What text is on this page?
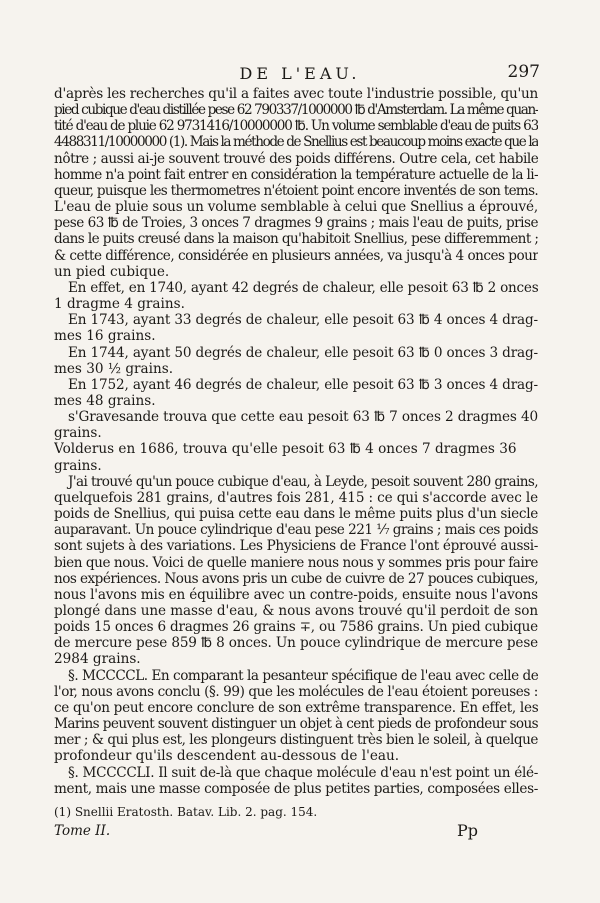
DE L'EAU.	297
d'après les recherches qu'il a faites avec toute l'industrie possible, qu'un
pied cubique d'eau distillée pese 62 790337/1000000 ℔ d'Amsterdam. La même quan-
tité d'eau de pluie 62 9731416/10000000 ℔. Un volume semblable d'eau de puits 63
4488311/10000000 (1). Mais la méthode de Snellius est beaucoup moins exacte que la
nôtre ; aussi ai-je souvent trouvé des poids différens. Outre cela, cet habile
homme n'a point fait entrer en considération la température actuelle de la li-
queur, puisque les thermometres n'étoient point encore inventés de son tems.
L'eau de pluie sous un volume semblable à celui que Snellius a éprouvé,
pese 63 ℔ de Troies, 3 onces 7 dragmes 9 grains ; mais l'eau de puits, prise
dans le puits creusé dans la maison qu'habitoit Snellius, pese differemment ;
& cette différence, considérée en plusieurs années, va jusqu'à 4 onces pour
un pied cubique.
En effet, en 1740, ayant 42 degrés de chaleur, elle pesoit 63 ℔ 2 onces
1 dragme 4 grains.
En 1743, ayant 33 degrés de chaleur, elle pesoit 63 ℔ 4 onces 4 drag-
mes 16 grains.
En 1744, ayant 50 degrés de chaleur, elle pesoit 63 ℔ 0 onces 3 drag-
mes 30 ½ grains.
En 1752, ayant 46 degrés de chaleur, elle pesoit 63 ℔ 3 onces 4 drag-
mes 48 grains.
s'Gravesande trouva que cette eau pesoit 63 ℔ 7 onces 2 dragmes 40
grains.
Volderus en 1686, trouva qu'elle pesoit 63 ℔ 4 onces 7 dragmes 36
grains.
J'ai trouvé qu'un pouce cubique d'eau, à Leyde, pesoit souvent 280 grains,
quelquefois 281 grains, d'autres fois 281, 415 : ce qui s'accorde avec le
poids de Snellius, qui puisa cette eau dans le même puits plus d'un siecle
auparavant. Un pouce cylindrique d'eau pese 221 ⅐ grains ; mais ces poids
sont sujets à des variations. Les Physiciens de France l'ont éprouvé aussi-
bien que nous. Voici de quelle maniere nous nous y sommes pris pour faire
nos expériences. Nous avons pris un cube de cuivre de 27 pouces cubiques,
nous l'avons mis en équilibre avec un contre-poids, ensuite nous l'avons
plongé dans une masse d'eau, & nous avons trouvé qu'il perdoit de son
poids 15 onces 6 dragmes 26 grains ∓, ou 7586 grains. Un pied cubique
de mercure pese 859 ℔ 8 onces. Un pouce cylindrique de mercure pese
2984 grains.
§. MCCCCL. En comparant la pesanteur spécifique de l'eau avec celle de
l'or, nous avons conclu (§. 99) que les molécules de l'eau étoient poreuses :
ce qu'on peut encore conclure de son extrême transparence. En effet, les
Marins peuvent souvent distinguer un objet à cent pieds de profondeur sous
mer ; & qui plus est, les plongeurs distinguent très bien le soleil, à quelque
profondeur qu'ils descendent au-dessous de l'eau.
§. MCCCCLI. Il suit de-là que chaque molécule d'eau n'est point un élé-
ment, mais une masse composée de plus petites parties, composées elles-
(1) Snellii Eratosth. Batav. Lib. 2. pag. 154.
Tome II.	Pp
